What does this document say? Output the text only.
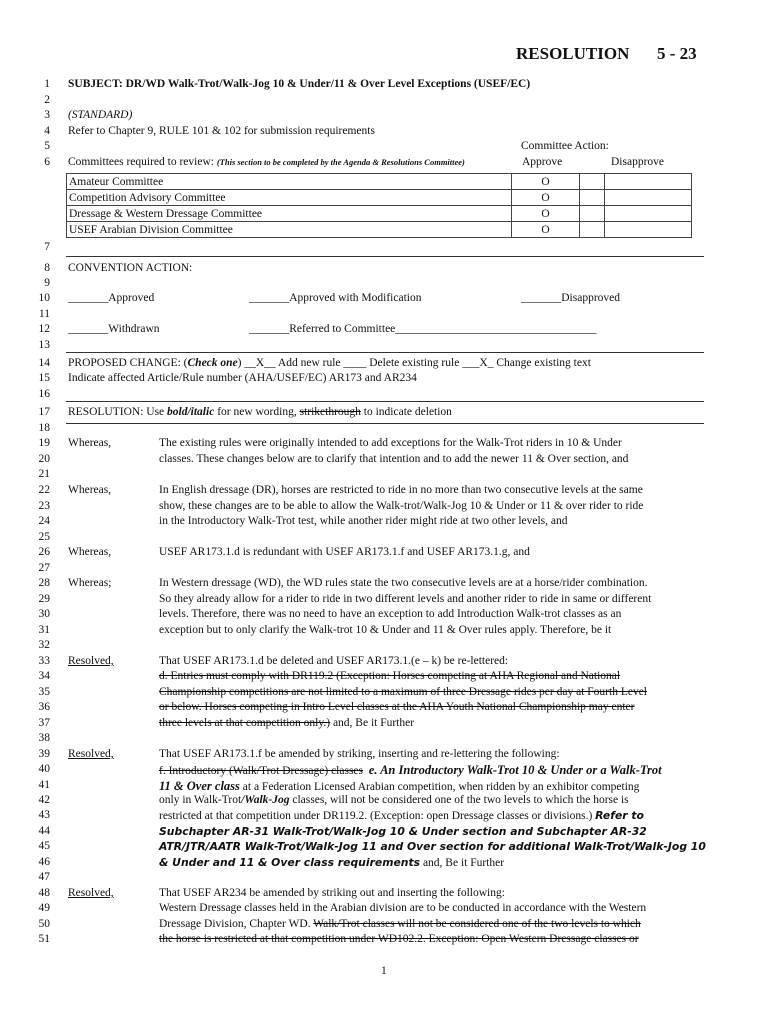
RESOLUTION 5 - 23
1
2
3
4
5
6
7
8
9
10
11
12
13
14
15
16
17
18
19
20
21
22
23
24
25
26
27
28
29
30
31
32
33
34
35
36
37
38
39
40
41
42
43
44
45
46
47
48
49
50
51
SUBJECT: DR/WD Walk-Trot/Walk-Jog 10 & Under/11 & Over Level Exceptions (USEF/EC)
(STANDARD)
Refer to Chapter 9, RULE 101 & 102 for submission requirements
Committee Action:
Committees required to review: (This section to be completed by the Agenda & Resolutions Committee)	Approve	Disapprove
Amateur Committee	O		
Competition Advisory Committee	O		
Dressage & Western Dressage Committee	O		
USEF Arabian Division Committee	O		
CONVENTION ACTION:
_______Approved	_______Approved with Modification	_______Disapproved
_______Withdrawn	_______Referred to Committee___________________________________
PROPOSED CHANGE: (Check one) __X__ Add new rule ____ Delete existing rule ___X_ Change existing text
Indicate affected Article/Rule number (AHA/USEF/EC) AR173 and AR234
RESOLUTION: Use bold/italic for new wording, strikethrough to indicate deletion
Whereas,	The existing rules were originally intended to add exceptions for the Walk-Trot riders in 10 & Under
classes. These changes below are to clarify that intention and to add the newer 11 & Over section, and
Whereas,	In English dressage (DR), horses are restricted to ride in no more than two consecutive levels at the same
show, these changes are to be able to allow the Walk-trot/Walk-Jog 10 & Under or 11 & over rider to ride
in the Introductory Walk-Trot test, while another rider might ride at two other levels, and
Whereas,	USEF AR173.1.d is redundant with USEF AR173.1.f and USEF AR173.1.g, and
Whereas;	In Western dressage (WD), the WD rules state the two consecutive levels are at a horse/rider combination.
So they already allow for a rider to ride in two different levels and another rider to ride in same or different
levels. Therefore, there was no need to have an exception to add Introduction Walk-trot classes as an
exception but to only clarify the Walk-trot 10 & Under and 11 & Over rules apply. Therefore, be it
Resolved,	That USEF AR173.1.d be deleted and USEF AR173.1.(e – k) be re-lettered:
d. Entries must comply with DR119.2 (Exception: Horses competing at AHA Regional and National
Championship competitions are not limited to a maximum of three Dressage rides per day at Fourth Level
or below. Horses competing in Intro Level classes at the AHA Youth National Championship may enter
three levels at that competition only.) and, Be it Further
Resolved,	That USEF AR173.1.f be amended by striking, inserting and re-lettering the following:
f. Introductory (Walk/Trot Dressage) classes e. An Introductory Walk-Trot 10 & Under or a Walk-Trot
11 & Over class at a Federation Licensed Arabian competition, when ridden by an exhibitor competing
only in Walk-Trot/Walk-Jog classes, will not be considered one of the two levels to which the horse is
restricted at that competition under DR119.2. (Exception: open Dressage classes or divisions.) Refer to
Subchapter AR-31 Walk-Trot/Walk-Jog 10 & Under section and Subchapter AR-32
ATR/JTR/AATR Walk-Trot/Walk-Jog 11 and Over section for additional Walk-Trot/Walk-Jog 10
& Under and 11 & Over class requirements and, Be it Further
Resolved,	That USEF AR234 be amended by striking out and inserting the following:
Western Dressage classes held in the Arabian division are to be conducted in accordance with the Western
Dressage Division, Chapter WD. Walk/Trot classes will not be considered one of the two levels to which
the horse is restricted at that competition under WD102.2. Exception: Open Western Dressage classes or
1
